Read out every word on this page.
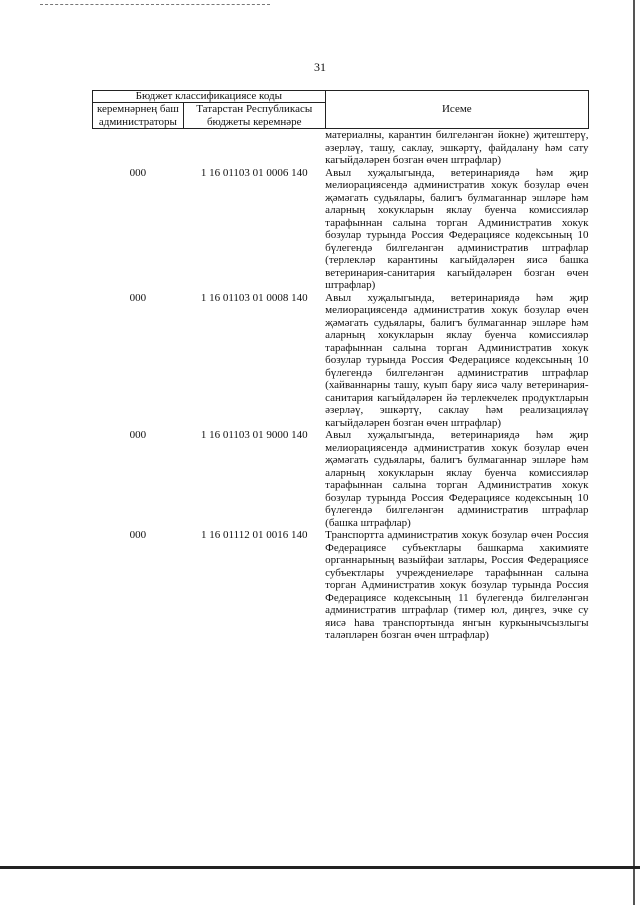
31
Бюджет классификациясе коды		Исеме
керемнәрнең баш администраторы	Татарстан Республикасы бюджеты керемнәре	
		материалны, карантин билгеләнгән йокне) җитештерү, әзерләү, ташу, саклау, эшкәртү, файдалану һәм сату кагыйдәләрен бозган өчен штрафлар)
000	1 16 01103 01 0006 140	Авыл хуҗалыгында, ветеринариядә һәм җир мелиорациясендә административ хокук бозулар өчен җәмәгать судьялары, балигъ булмаганнар эшләре һәм аларның хокукларын яклау буенча комиссияләр тарафыннан салына торган Административ хокук бозулар турында Россия Федерациясе кодексының 10 бүлегендә билгеләнгән административ штрафлар (терлекләр карантины кагыйдәләрен яисә башка ветеринария-санитария кагыйдәләрен бозган өчен штрафлар)
000	1 16 01103 01 0008 140	Авыл хуҗалыгында, ветеринариядә һәм җир мелиорациясендә административ хокук бозулар өчен җәмәгать судьялары, балигъ булмаганнар эшләре һәм аларның хокукларын яклау буенча комиссияләр тарафыннан салына торган Административ хокук бозулар турында Россия Федерациясе кодексының 10 бүлегендә билгеләнгән административ штрафлар (хайваннарны ташу, куып бару яисә чалу ветеринария-санитария кагыйдәләрен йә терлекчелек продуктларын әзерләү, эшкәртү, саклау һәм реализацияләү кагыйдәләрен бозган өчен штрафлар)
000	1 16 01103 01 9000 140	Авыл хуҗалыгында, ветеринариядә һәм җир мелиорациясендә административ хокук бозулар өчен җәмәгать судьялары, балигъ булмаганнар эшләре һәм аларның хокукларын яклау буенча комиссияләр тарафыннан салына торган Административ хокук бозулар турында Россия Федерациясе кодексының 10 бүлегендә билгеләнгән административ штрафлар (башка штрафлар)
000	1 16 01112 01 0016 140	Транспортта административ хокук бозулар өчен Россия Федерациясе субъектлары башкарма хакимияте органнарының вазыйфаи затлары, Россия Федерациясе субъектлары учреждениеләре тарафыннан салына торган Административ хокук бозулар турында Россия Федерациясе кодексының 11 бүлегендә билгеләнгән административ штрафлар (тимер юл, диңгез, эчке су яисә һава транспортында янгын куркынычсызлыгы таләпләрен бозган өчен штрафлар)
